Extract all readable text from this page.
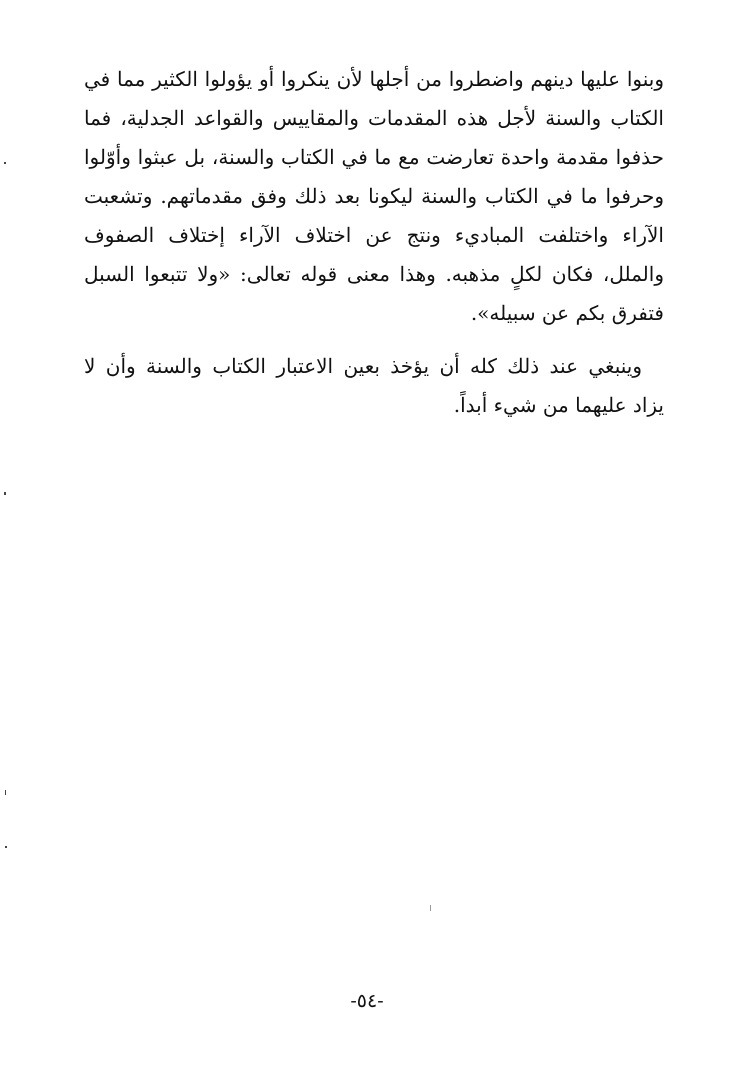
وبنوا عليها دينهم واضطروا من أجلها لأن ينكروا أو يؤولوا الكثير مما في
الكتاب والسنة لأجل هذه المقدمات والمقاييس والقواعد الجدلية، فما
حذفوا مقدمة واحدة تعارضت مع ما في الكتاب والسنة، بل عبثوا وأوّلوا
وحرفوا ما في الكتاب والسنة ليكونا بعد ذلك وفق مقدماتهم. وتشعبت
الآراء واختلفت المباديء ونتج عن اختلاف الآراء إختلاف الصفوف
والملل، فكان لكلٍ مذهبه. وهذا معنى قوله تعالى: «ولا تتبعوا السبل
فتفرق بكم عن سبيله».

وينبغي عند ذلك كله أن يؤخذ بعين الاعتبار الكتاب والسنة وأن لا
يزاد عليهما من شيء أبداً.

-٥٤-
